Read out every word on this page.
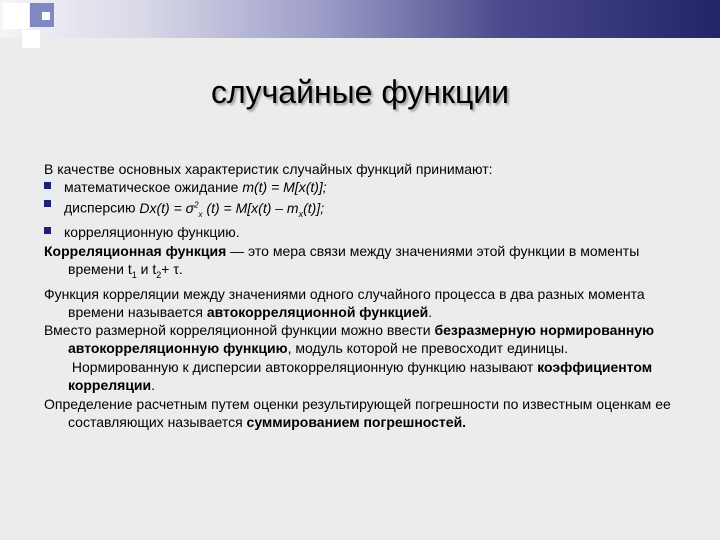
случайные функции

В качестве основных характеристик случайных функций принимают:

математическое ожидание m(t) = M[x(t)];

дисперсию $Dx(t) = \sigma^2_x$ $(t) = M[x(t) - m_x(t)]$;

корреляционную функцию.

Корреляционная функция — это мера связи между значениями этой функции в моменты времени $t_1$ и $t_2+ \tau$.

Функция корреляции между значениями одного случайного процесса в два разных момента времени называется автокорреляционной функцией.

Вместо размерной корреляционной функции можно ввести безразмерную нормированную автокорреляционную функцию, модуль которой не превосходит единицы.

Нормированную к дисперсии автокорреляционную функцию называют коэффициентом корреляции.

Определение расчетным путем оценки результирующей погрешности по известным оценкам ее составляющих называется суммированием погрешностей.
